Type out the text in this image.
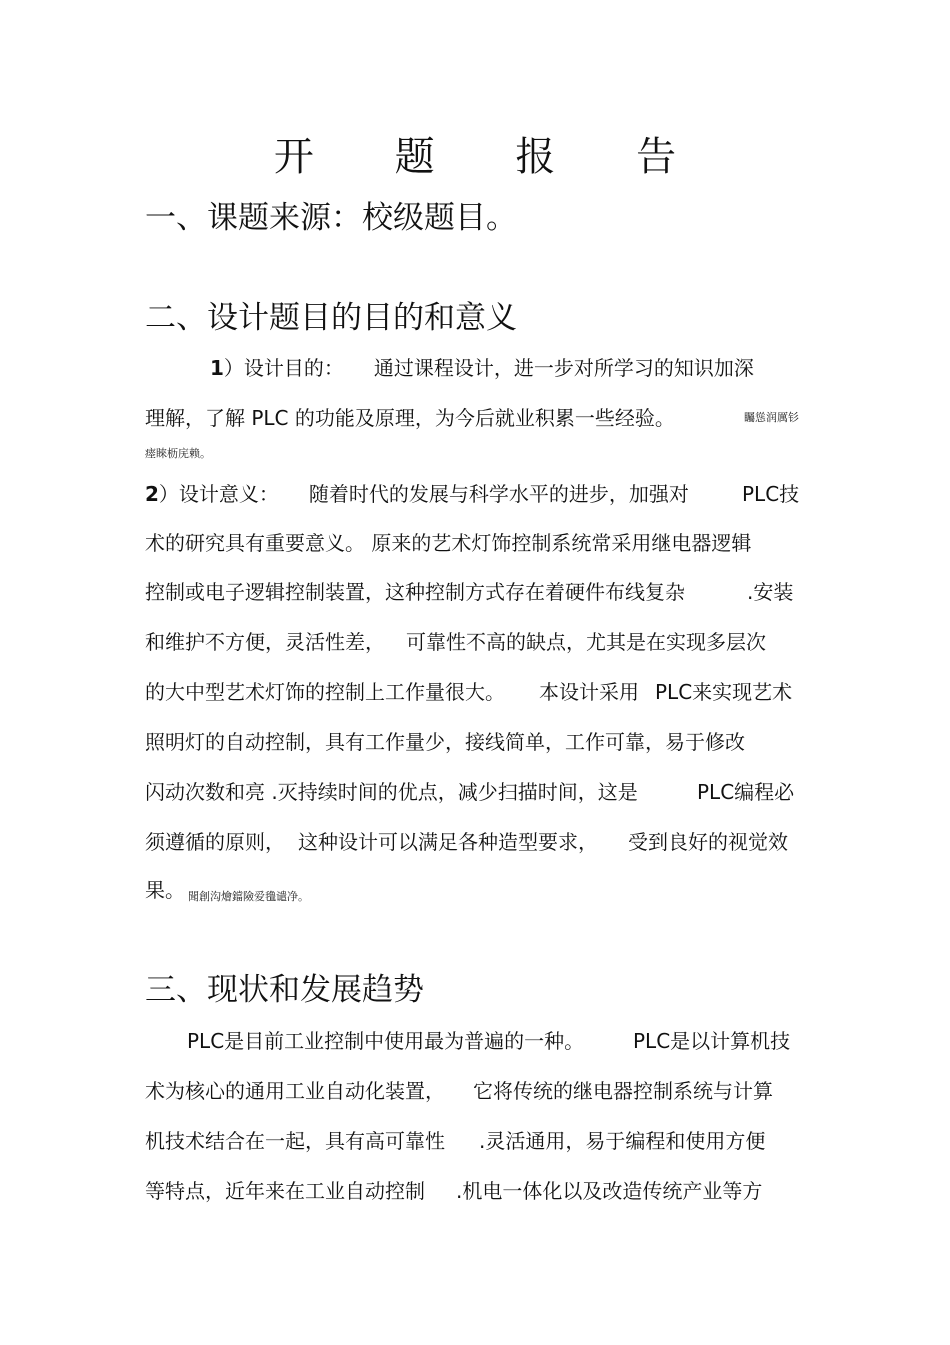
开 题 报 告
一、课题来源：校级题目。
二、设计题目的目的和意义
1）设计目的： 通过课程设计，进一步对所学习的知识加深
理解，了解 PLC 的功能及原理，为今后就业积累一些经验。	矚慫润厲钐
瘗睞枥庑赖。
2）设计意义： 随着时代的发展与科学水平的进步，加强对	PLC技
术的研究具有重要意义。 原来的艺术灯饰控制系统常采用继电器逻辑
控制或电子逻辑控制装置，这种控制方式存在着硬件布线复杂	.安装
和维护不方便，灵活性差， 可靠性不高的缺点，尤其是在实现多层次
的大中型艺术灯饰的控制上工作量很大。 本设计采用 PLC来实现艺术
照明灯的自动控制，具有工作量少，接线简单，工作可靠，易于修改
闪动次数和亮 .灭持续时间的优点，减少扫描时间，这是	PLC编程必
须遵循的原则， 这种设计可以满足各种造型要求， 受到良好的视觉效
果。 聞創沟燴鐺險爱氇谴净。
三、现状和发展趋势
PLC是目前工业控制中使用最为普遍的一种。 PLC是以计算机技
术为核心的通用工业自动化装置， 它将传统的继电器控制系统与计算
机技术结合在一起，具有高可靠性 .灵活通用，易于编程和使用方便
等特点，近年来在工业自动控制 .机电一体化以及改造传统产业等方
